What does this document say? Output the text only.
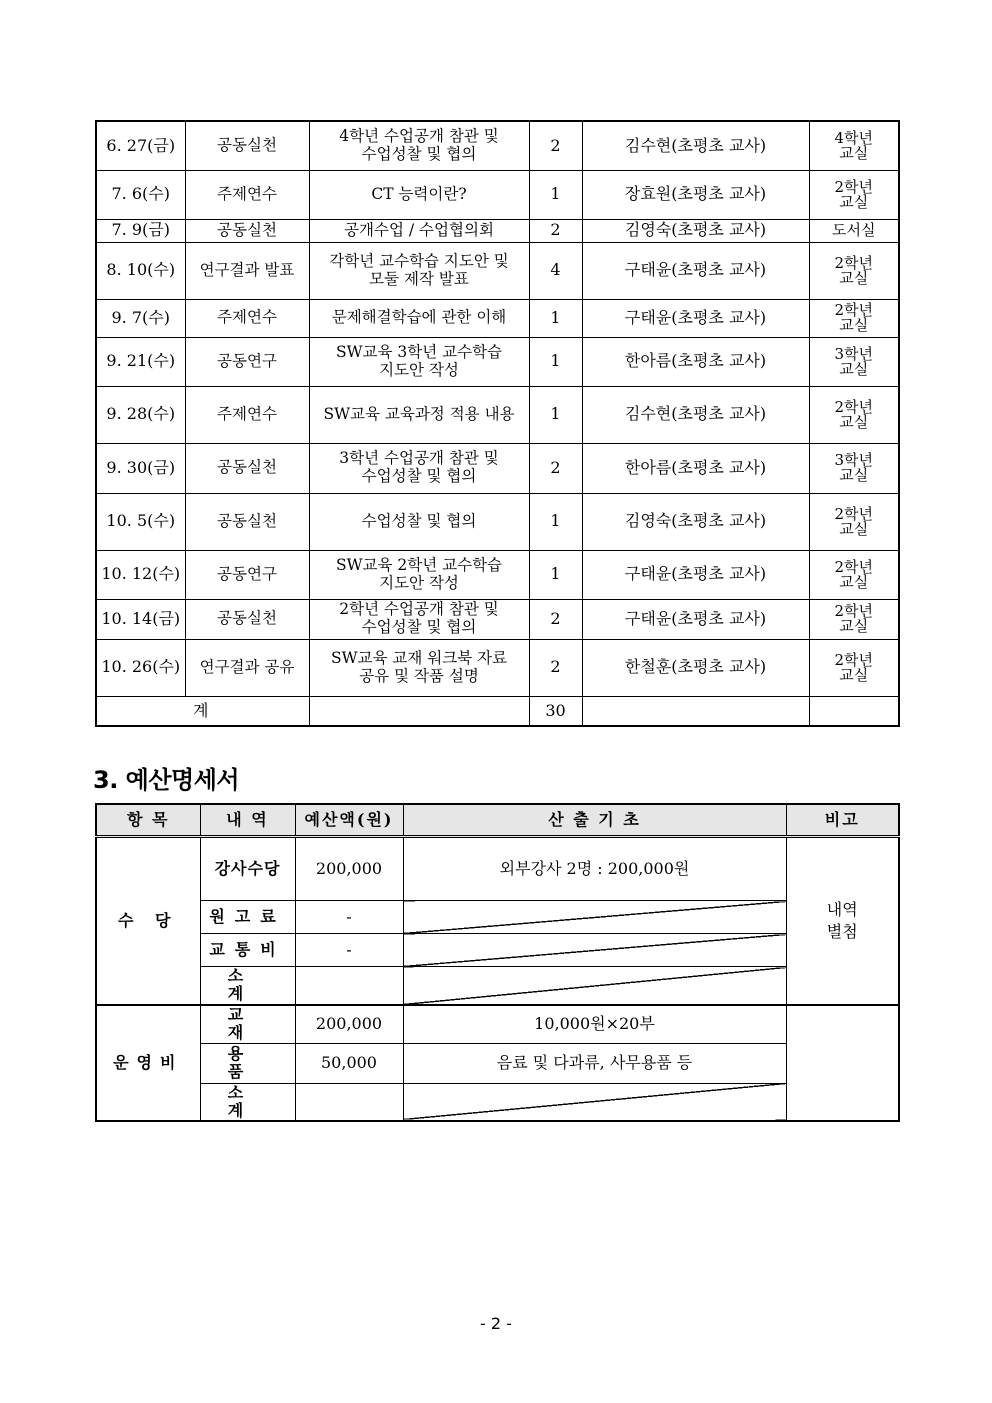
6. 27(금)	공동실천	4학년 수업공개 참관 및
수업성찰 및 협의	2	김수현(초평초 교사)	4학년
교실
7. 6(수)	주제연수	CT 능력이란?	1	장효원(초평초 교사)	2학년
교실
7. 9(금)	공동실천	공개수업 / 수업협의회	2	김영숙(초평초 교사)	도서실
8. 10(수)	연구결과 발표	각학년 교수학습 지도안 및
모둘 제작 발표	4	구태윤(초평초 교사)	2학년
교실
9. 7(수)	주제연수	문제해결학습에 관한 이해	1	구태윤(초평초 교사)	2학년
교실
9. 21(수)	공동연구	SW교육 3학년 교수학습
지도안 작성	1	한아름(초평초 교사)	3학년
교실
9. 28(수)	주제연수	SW교육 교육과정 적용 내용	1	김수현(초평초 교사)	2학년
교실
9. 30(금)	공동실천	3학년 수업공개 참관 및
수업성찰 및 협의	2	한아름(초평초 교사)	3학년
교실
10. 5(수)	공동실천	수업성찰 및 협의	1	김영숙(초평초 교사)	2학년
교실
10. 12(수)	공동연구	SW교육 2학년 교수학습
지도안 작성	1	구태윤(초평초 교사)	2학년
교실
10. 14(금)	공동실천	2학년 수업공개 참관 및
수업성찰 및 협의	2	구태윤(초평초 교사)	2학년
교실
10. 26(수)	연구결과 공유	SW교육 교재 워크북 자료
공유 및 작품 설명	2	한철훈(초평초 교사)	2학년
교실
계			30		
3. 예산명세서
항 목	내 역	예산액(원)	산 출 기 초	비고
수 당	강사수당	200,000	외부강사 2명 : 200,000원	내역
별첨
	원고료	-		
	교통비	-		
	소 계			
운영비	교 재	200,000	10,000원×20부	
	용 품	50,000	음료 및 다과류, 사무용품 등	
	소 계			
- 2 -
